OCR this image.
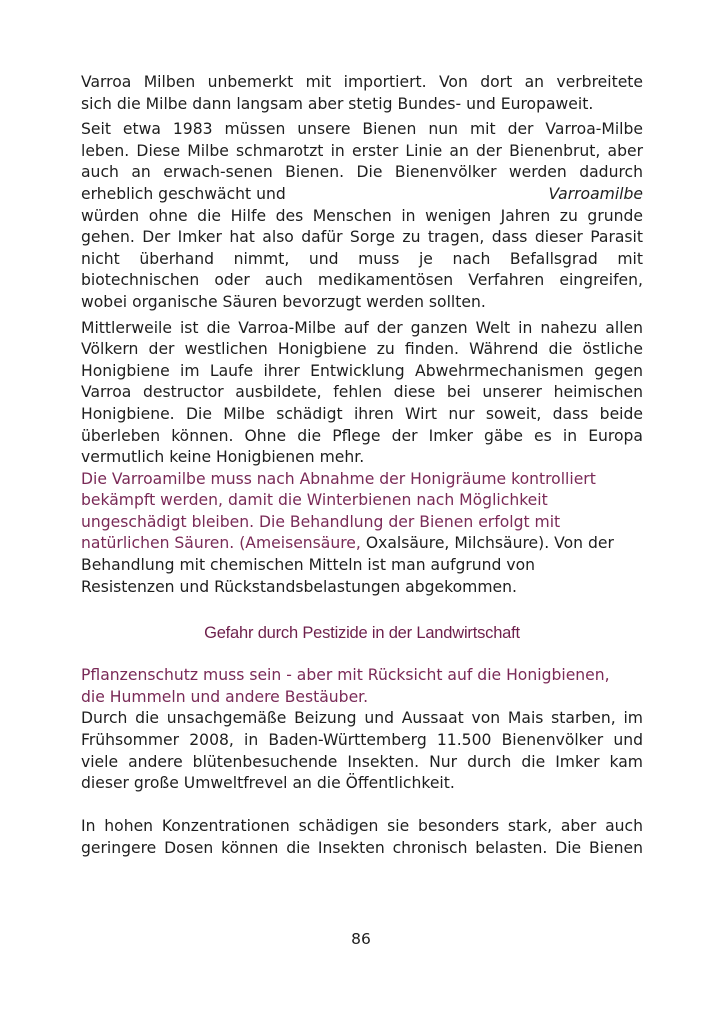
Varroa Milben unbemerkt mit importiert. Von dort an verbreitete
sich die Milbe dann langsam aber stetig Bundes- und Europaweit.
Seit etwa 1983 müssen unsere Bienen nun mit der Varroa-Milbe
leben. Diese Milbe schmarotzt in erster Linie an der Bienenbrut, aber
auch an erwach-senen Bienen. Die Bienenvölker werden dadurch
erheblich geschwächt und	Varroamilbe
würden ohne die Hilfe des Menschen in wenigen Jahren zu grunde
gehen. Der Imker hat also dafür Sorge zu tragen, dass dieser Parasit
nicht überhand nimmt, und muss je nach Befallsgrad mit
biotechnischen oder auch medikamentösen Verfahren eingreifen,
wobei organische Säuren bevorzugt werden sollten.
Mittlerweile ist die Varroa-Milbe auf der ganzen Welt in nahezu allen
Völkern der westlichen Honigbiene zu finden. Während die östliche
Honigbiene im Laufe ihrer Entwicklung Abwehrmechanismen gegen
Varroa destructor ausbildete, fehlen diese bei unserer heimischen
Honigbiene. Die Milbe schädigt ihren Wirt nur soweit, dass beide
überleben können. Ohne die Pflege der Imker gäbe es in Europa
vermutlich keine Honigbienen mehr.
Die Varroamilbe muss nach Abnahme der Honigräume kontrolliert
bekämpft werden, damit die Winterbienen nach Möglichkeit
ungeschädigt bleiben. Die Behandlung der Bienen erfolgt mit
natürlichen Säuren. (Ameisensäure, Oxalsäure, Milchsäure). Von der
Behandlung mit chemischen Mitteln ist man aufgrund von
Resistenzen und Rückstandsbelastungen abgekommen.
Gefahr durch Pestizide in der Landwirtschaft
Pflanzenschutz muss sein - aber mit Rücksicht auf die Honigbienen,
die Hummeln und andere Bestäuber.
Durch die unsachgemäße Beizung und Aussaat von Mais starben, im
Frühsommer 2008, in Baden-Württemberg 11.500 Bienenvölker und
viele andere blütenbesuchende Insekten. Nur durch die Imker kam
dieser große Umweltfrevel an die Öffentlichkeit.
In hohen Konzentrationen schädigen sie besonders stark, aber auch
geringere Dosen können die Insekten chronisch belasten. Die Bienen
86
